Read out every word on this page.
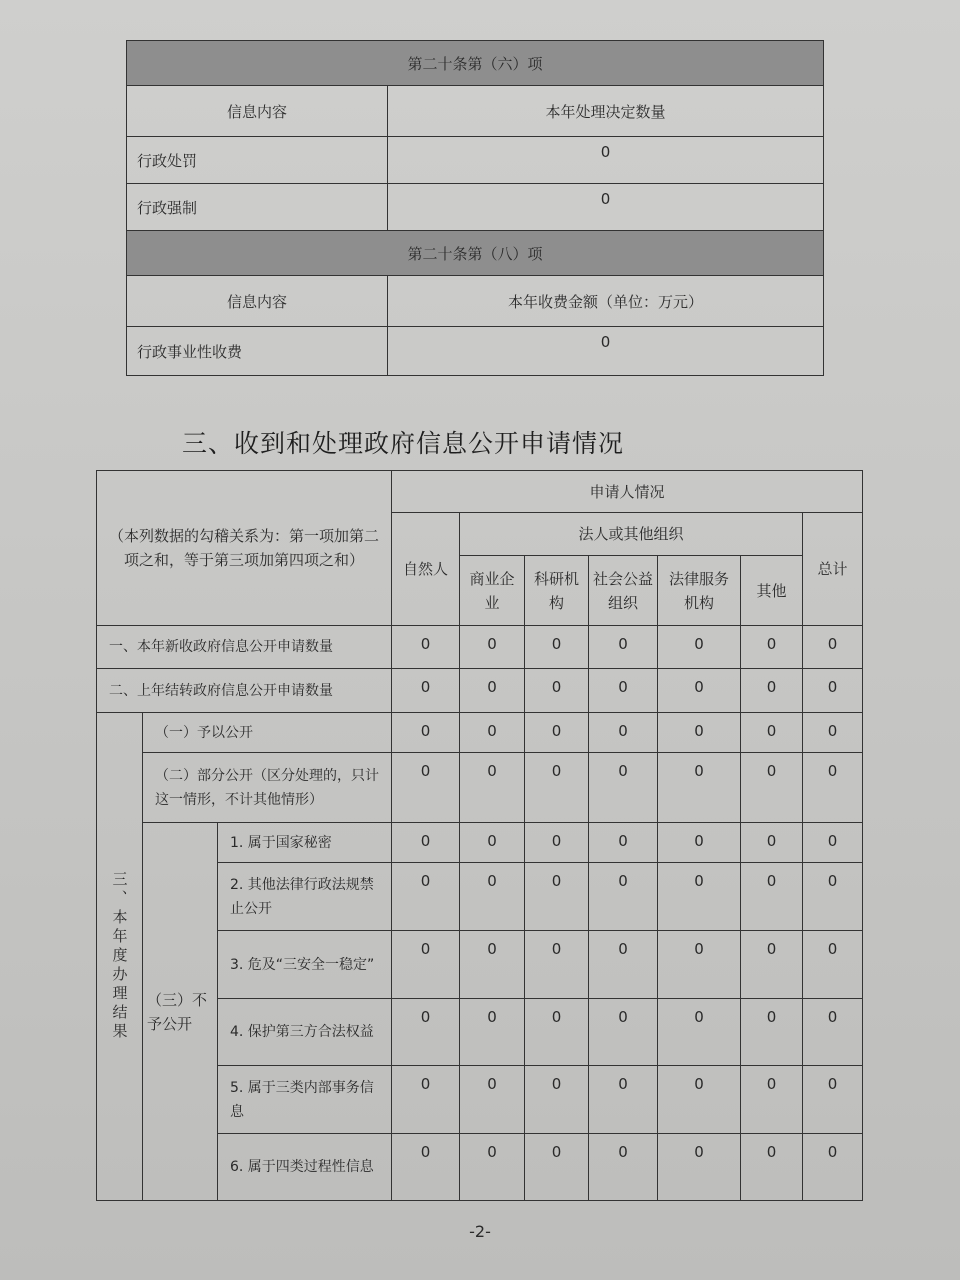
第二十条第（六）项	
信息内容	本年处理决定数量
行政处罚	0
行政强制	0
第二十条第（八）项	
信息内容	本年收费金额（单位：万元）
行政事业性收费	0
三、收到和处理政府信息公开申请情况
（本列数据的勾稽关系为：第一项加第二项之和，等于第三项加第四项之和）			申请人情况						
			自然人	法人或其他组织					总计
				商业企业	科研机构	社会公益组织	法律服务机构	其他	
一、本年新收政府信息公开申请数量			0	0	0	0	0	0	0
二、上年结转政府信息公开申请数量			0	0	0	0	0	0	0
三、本年度办理结果	（一）予以公开		0	0	0	0	0	0	0
	（二）部分公开（区分处理的，只计这一情形，不计其他情形）		0	0	0	0	0	0	0
	（三）不予公开	1. 属于国家秘密	0	0	0	0	0	0	0
		2. 其他法律行政法规禁止公开	0	0	0	0	0	0	0
		3. 危及“三安全一稳定”	0	0	0	0	0	0	0
		4. 保护第三方合法权益	0	0	0	0	0	0	0
		5. 属于三类内部事务信息	0	0	0	0	0	0	0
		6. 属于四类过程性信息	0	0	0	0	0	0	0
-2-
